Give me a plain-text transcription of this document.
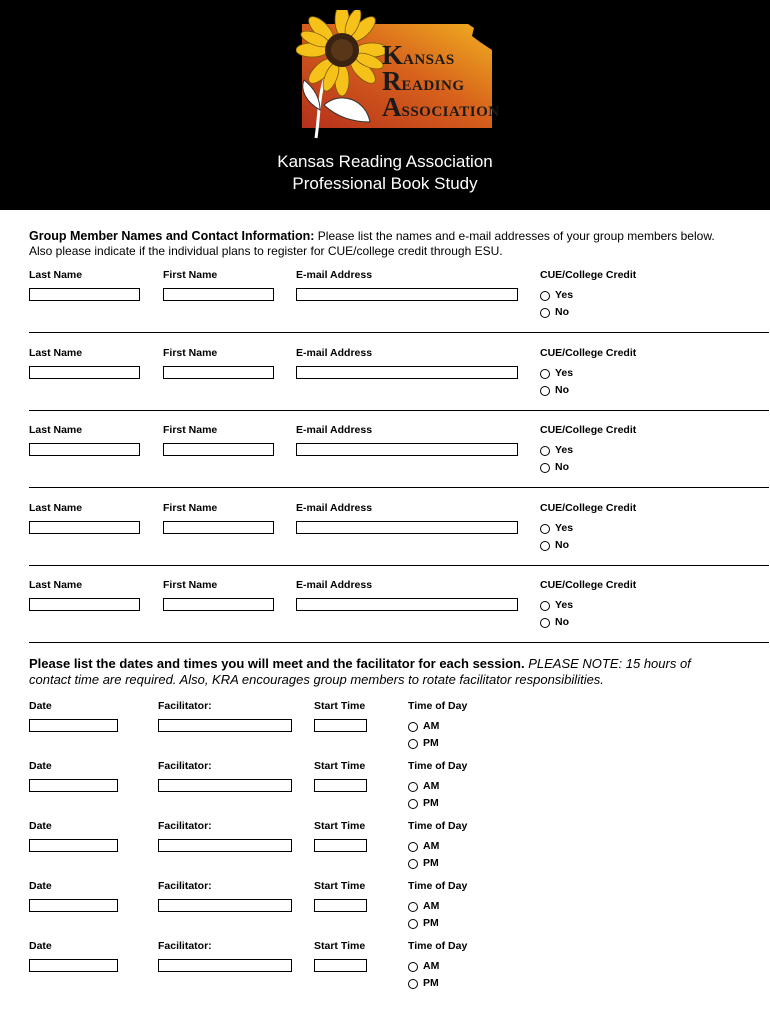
KANSAS
READING
ASSOCIATION
Kansas Reading Association
Professional Book Study
Group Member Names and Contact Information: Please list the names and e-mail addresses of your group members below.
Also please indicate if the individual plans to register for CUE/college credit through ESU.
Last Name	First Name	E-mail Address	CUE/College Credit
Yes
No
Last Name	First Name	E-mail Address	CUE/College Credit
Yes
No
Last Name	First Name	E-mail Address	CUE/College Credit
Yes
No
Last Name	First Name	E-mail Address	CUE/College Credit
Yes
No
Last Name	First Name	E-mail Address	CUE/College Credit
Yes
No
Please list the dates and times you will meet and the facilitator for each session. PLEASE NOTE: 15 hours of
contact time are required. Also, KRA encourages group members to rotate facilitator responsibilities.
Date	Facilitator:	Start Time	Time of Day
AM
PM
Date	Facilitator:	Start Time	Time of Day
AM
PM
Date	Facilitator:	Start Time	Time of Day
AM
PM
Date	Facilitator:	Start Time	Time of Day
AM
PM
Date	Facilitator:	Start Time	Time of Day
AM
PM
